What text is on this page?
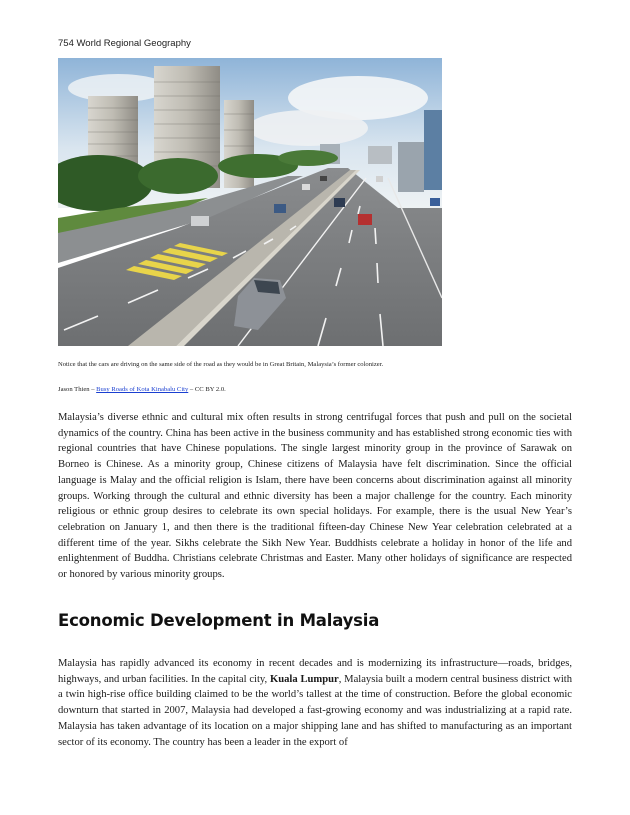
754 World Regional Geography
Notice that the cars are driving on the same side of the road as they would be in Great Britain, Malaysia’s former colonizer.
Jason Thien – Busy Roads of Kota Kinabalu City – CC BY 2.0.

Malaysia’s diverse ethnic and cultural mix often results in strong centrifugal forces that push and pull on the societal dynamics of the country. China has been active in the business community and has established strong economic ties with regional countries that have Chinese populations. The single largest minority group in the province of Sarawak on Borneo is Chinese. As a minority group, Chinese citizens of Malaysia have felt discrimination. Since the official language is Malay and the official religion is Islam, there have been concerns about discrimination against all minority groups. Working through the cultural and ethnic diversity has been a major challenge for the country. Each minority religious or ethnic group desires to celebrate its own special holidays. For example, there is the usual New Year’s celebration on January 1, and then there is the traditional fifteen-day Chinese New Year celebration celebrated at a different time of the year. Sikhs celebrate the Sikh New Year. Buddhists celebrate a holiday in honor of the life and enlightenment of Buddha. Christians celebrate Christmas and Easter. Many other holidays of significance are respected or honored by various minority groups.

Economic Development in Malaysia

Malaysia has rapidly advanced its economy in recent decades and is modernizing its infrastructure—roads, bridges, highways, and urban facilities. In the capital city, Kuala Lumpur, Malaysia built a modern central business district with a twin high-rise office building claimed to be the world’s tallest at the time of construction. Before the global economic downturn that started in 2007, Malaysia had developed a fast-growing economy and was industrializing at a rapid rate. Malaysia has taken advantage of its location on a major shipping lane and has shifted to manufacturing as an important sector of its economy. The country has been a leader in the export of
